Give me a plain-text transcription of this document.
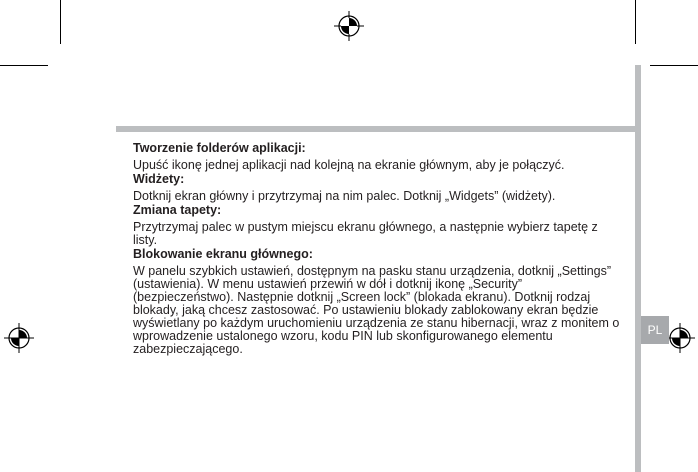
PL
Tworzenie folderów aplikacji:

Upuść ikonę jednej aplikacji nad kolejną na ekranie głównym, aby je połączyć.

Widżety:

Dotknij ekran główny i przytrzymaj na nim palec. Dotknij „Widgets” (widżety).

Zmiana tapety:

Przytrzymaj palec w pustym miejscu ekranu głównego, a następnie wybierz tapetę z listy.

Blokowanie ekranu głównego:

W panelu szybkich ustawień, dostępnym na pasku stanu urządzenia, dotknij „Settings” (ustawienia). W menu ustawień przewiń w dół i dotknij ikonę „Security” (bezpieczeństwo). Następnie dotknij „Screen lock” (blokada ekranu). Dotknij rodzaj blokady, jaką chcesz zastosować. Po ustawieniu blokady zablokowany ekran będzie wyświetlany po każdym uruchomieniu urządzenia ze stanu hibernacji, wraz z monitem o wprowadzenie ustalonego wzoru, kodu PIN lub skonfigurowanego elementu zabezpieczającego.
